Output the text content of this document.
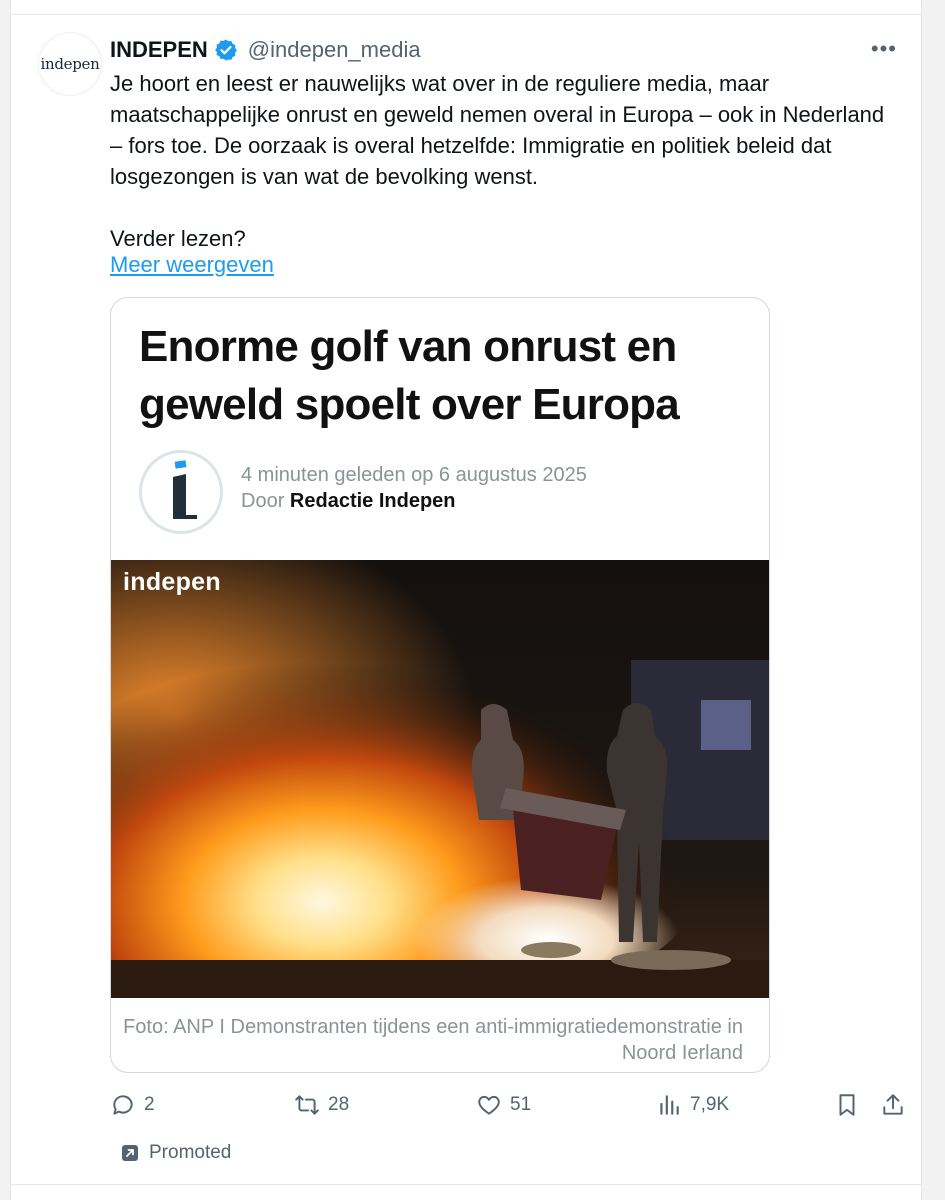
indepen
INDEPEN @indepen_media	•••
Je hoort en leest er nauwelijks wat over in de reguliere media, maar maatschappelijke onrust en geweld nemen overal in Europa – ook in Nederland – fors toe. De oorzaak is overal hetzelfde: Immigratie en politiek beleid dat losgezongen is van wat de bevolking wenst.

Verder lezen?
Meer weergeven
Enorme golf van onrust en geweld spoelt over Europa
4 minuten geleden op 6 augustus 2025
Door Redactie Indepen
indepen
Foto: ANP I Demonstranten tijdens een anti-immigratiedemonstratie in Noord Ierland
2	28	51	7,9K
Promoted
